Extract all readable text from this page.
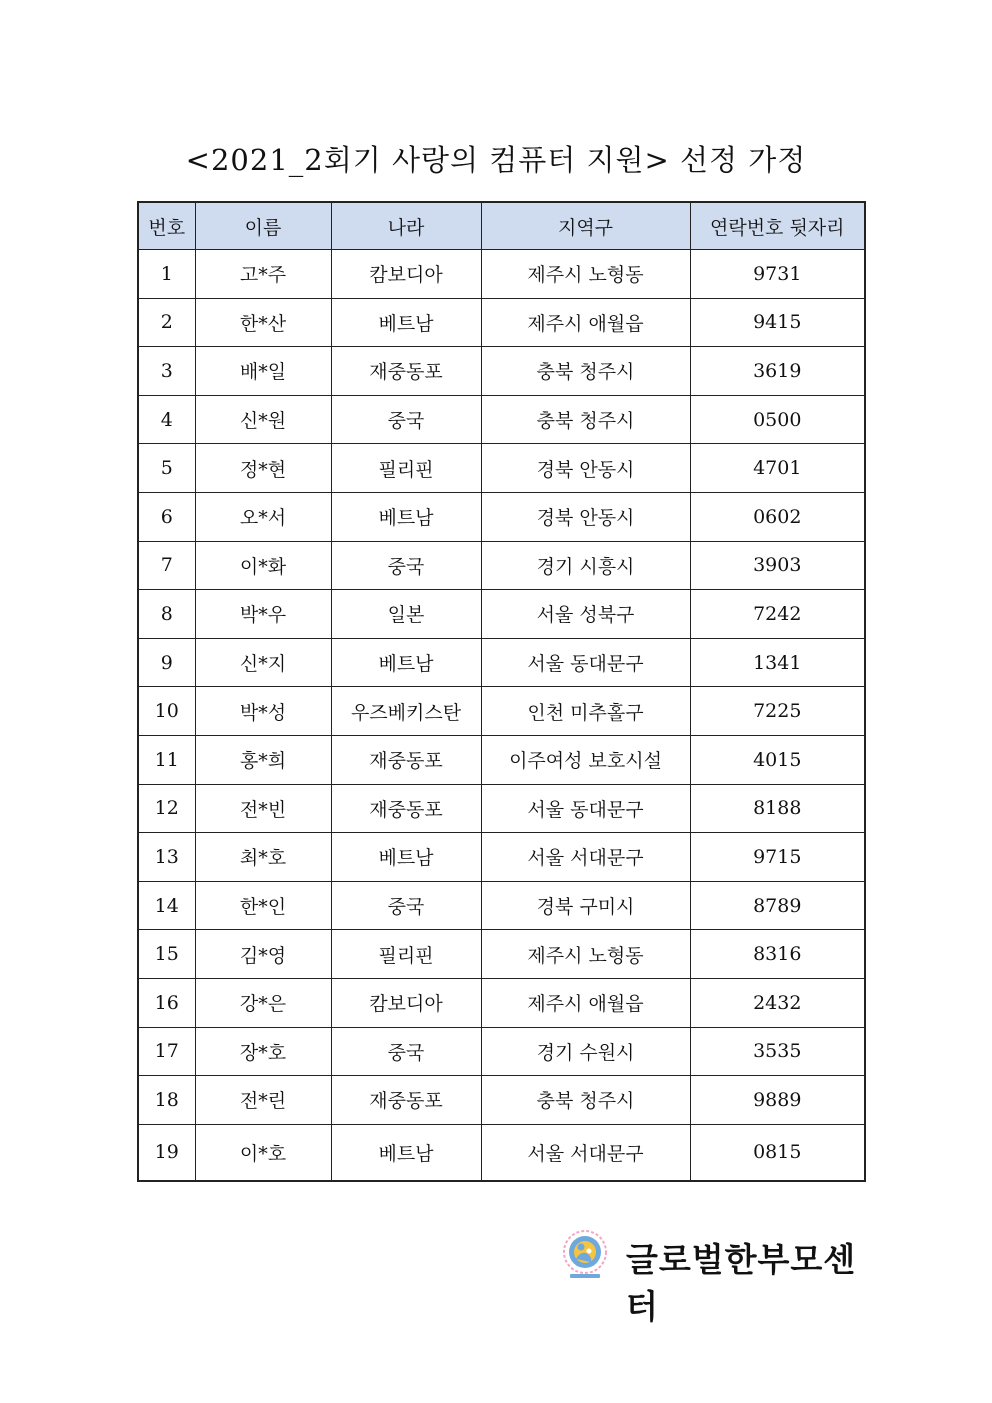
<2021_2회기 사랑의 컴퓨터 지원> 선정 가정
번호	이름	나라	지역구	연락번호 뒷자리
1	고*주	캄보디아	제주시 노형동	9731
2	한*산	베트남	제주시 애월읍	9415
3	배*일	재중동포	충북 청주시	3619
4	신*원	중국	충북 청주시	0500
5	정*현	필리핀	경북 안동시	4701
6	오*서	베트남	경북 안동시	0602
7	이*화	중국	경기 시흥시	3903
8	박*우	일본	서울 성북구	7242
9	신*지	베트남	서울 동대문구	1341
10	박*성	우즈베키스탄	인천 미추홀구	7225
11	홍*희	재중동포	이주여성 보호시설	4015
12	전*빈	재중동포	서울 동대문구	8188
13	최*호	베트남	서울 서대문구	9715
14	한*인	중국	경북 구미시	8789
15	김*영	필리핀	제주시 노형동	8316
16	강*은	캄보디아	제주시 애월읍	2432
17	장*호	중국	경기 수원시	3535
18	전*린	재중동포	충북 청주시	9889
19	이*호	베트남	서울 서대문구	0815
글로벌한부모센터
